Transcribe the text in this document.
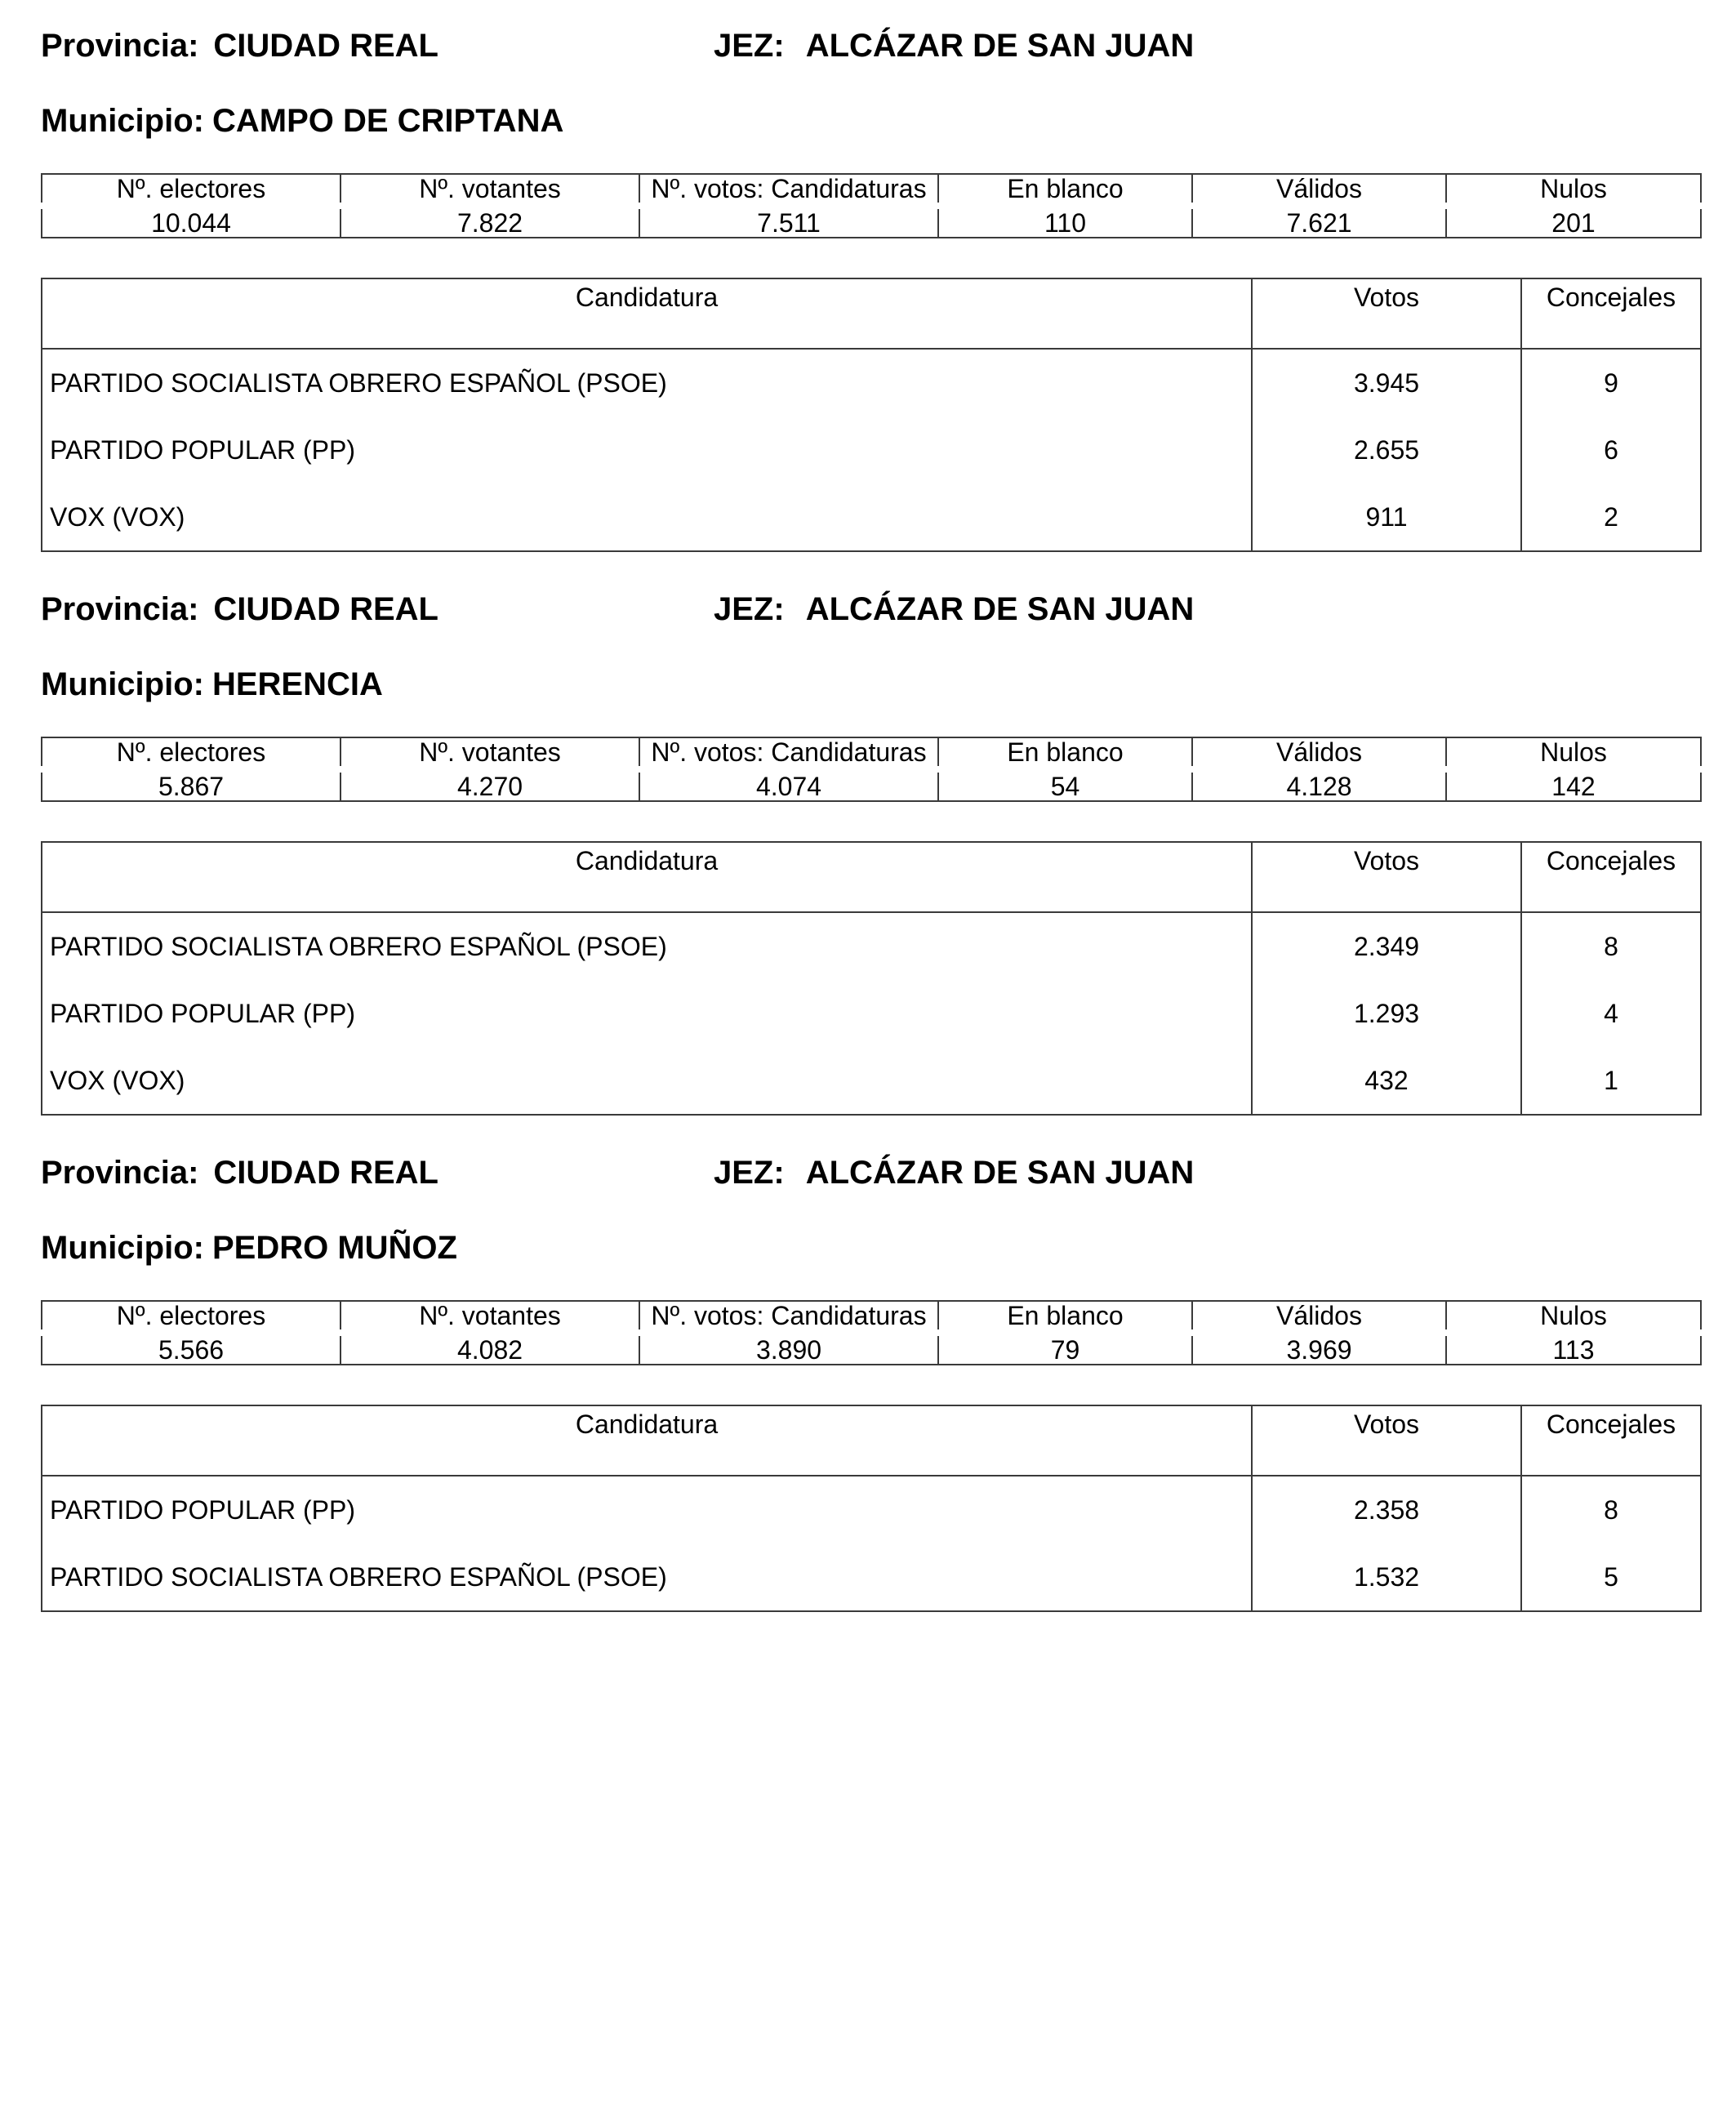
Provincia: CIUDAD REAL	JEZ: ALCÁZAR DE SAN JUAN
Municipio: CAMPO DE CRIPTANA
Nº. electores	Nº. votantes	Nº. votos: Candidaturas	En blanco	Válidos	Nulos
10.044	7.822	7.511	110	7.621	201
Candidatura	Votos	Concejales
PARTIDO SOCIALISTA OBRERO ESPAÑOL (PSOE)	3.945	9
PARTIDO POPULAR (PP)	2.655	6
VOX (VOX)	911	2
Provincia: CIUDAD REAL	JEZ: ALCÁZAR DE SAN JUAN
Municipio: HERENCIA
Nº. electores	Nº. votantes	Nº. votos: Candidaturas	En blanco	Válidos	Nulos
5.867	4.270	4.074	54	4.128	142
Candidatura	Votos	Concejales
PARTIDO SOCIALISTA OBRERO ESPAÑOL (PSOE)	2.349	8
PARTIDO POPULAR (PP)	1.293	4
VOX (VOX)	432	1
Provincia: CIUDAD REAL	JEZ: ALCÁZAR DE SAN JUAN
Municipio: PEDRO MUÑOZ
Nº. electores	Nº. votantes	Nº. votos: Candidaturas	En blanco	Válidos	Nulos
5.566	4.082	3.890	79	3.969	113
Candidatura	Votos	Concejales
PARTIDO POPULAR (PP)	2.358	8
PARTIDO SOCIALISTA OBRERO ESPAÑOL (PSOE)	1.532	5
